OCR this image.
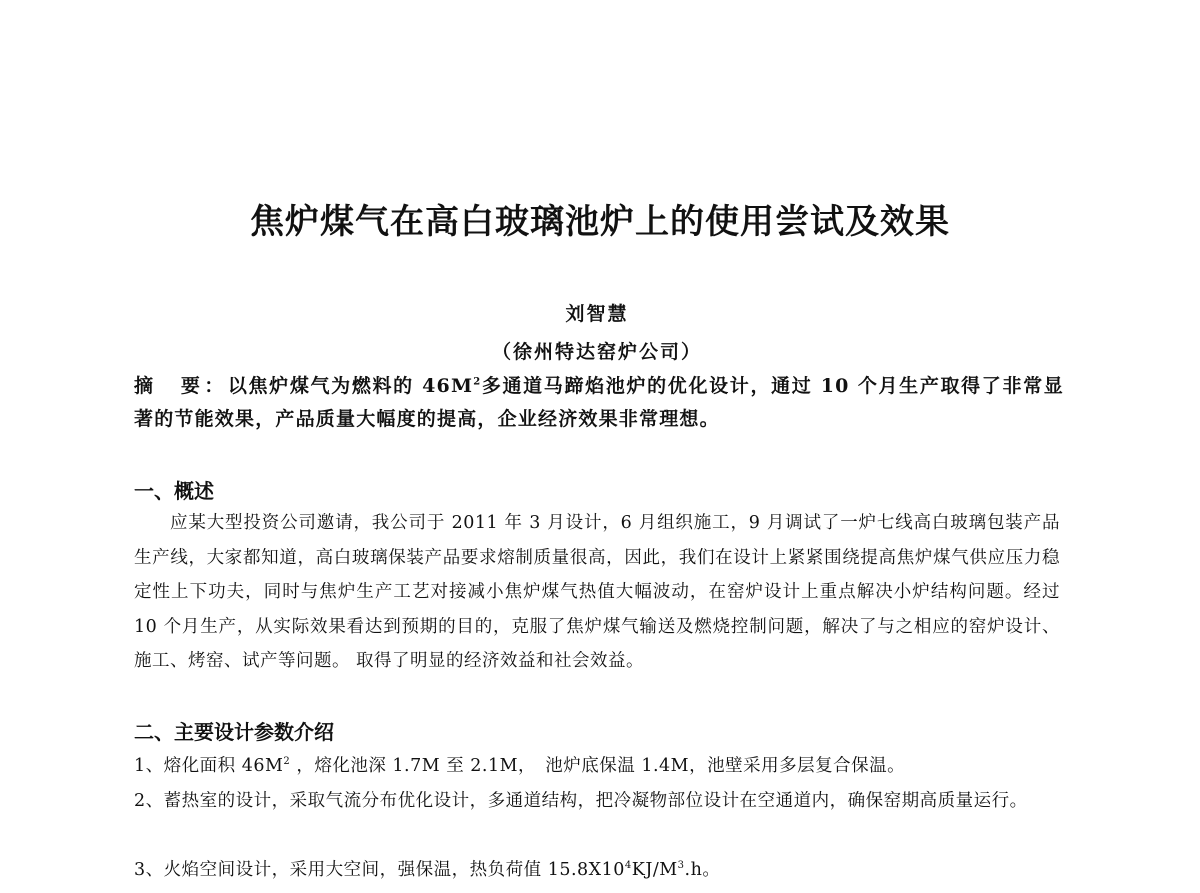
焦炉煤气在高白玻璃池炉上的使用尝试及效果
刘智慧
（徐州特达窑炉公司）
摘　要：以焦炉煤气为燃料的 $46M^2$多通道马蹄焰池炉的优化设计，通过 10 个月生产取得了非常显著的节能效果，产品质量大幅度的提高，企业经济效果非常理想。
一、概述
应某大型投资公司邀请，我公司于 2011 年 3 月设计，6 月组织施工，9 月调试了一炉七线高白玻璃包装产品生产线，大家都知道，高白玻璃保装产品要求熔制质量很高，因此，我们在设计上紧紧围绕提高焦炉煤气供应压力稳定性上下功夫，同时与焦炉生产工艺对接减小焦炉煤气热值大幅波动，在窑炉设计上重点解决小炉结构问题。经过 10 个月生产，从实际效果看达到预期的目的，克服了焦炉煤气输送及燃烧控制问题，解决了与之相应的窑炉设计、施工、烤窑、试产等问题。 取得了明显的经济效益和社会效益。
二、主要设计参数介绍
1、熔化面积 $46M^2$ ，熔化池深 1.7M 至 2.1M，　池炉底保温 1.4M，池壁采用多层复合保温。
2、蓄热室的设计，采取气流分布优化设计，多通道结构，把冷凝物部位设计在空通道内，确保窑期高质量运行。
3、火焰空间设计，采用大空间，强保温，热负荷值 $15.8X10^4KJ/M^3.h$。
